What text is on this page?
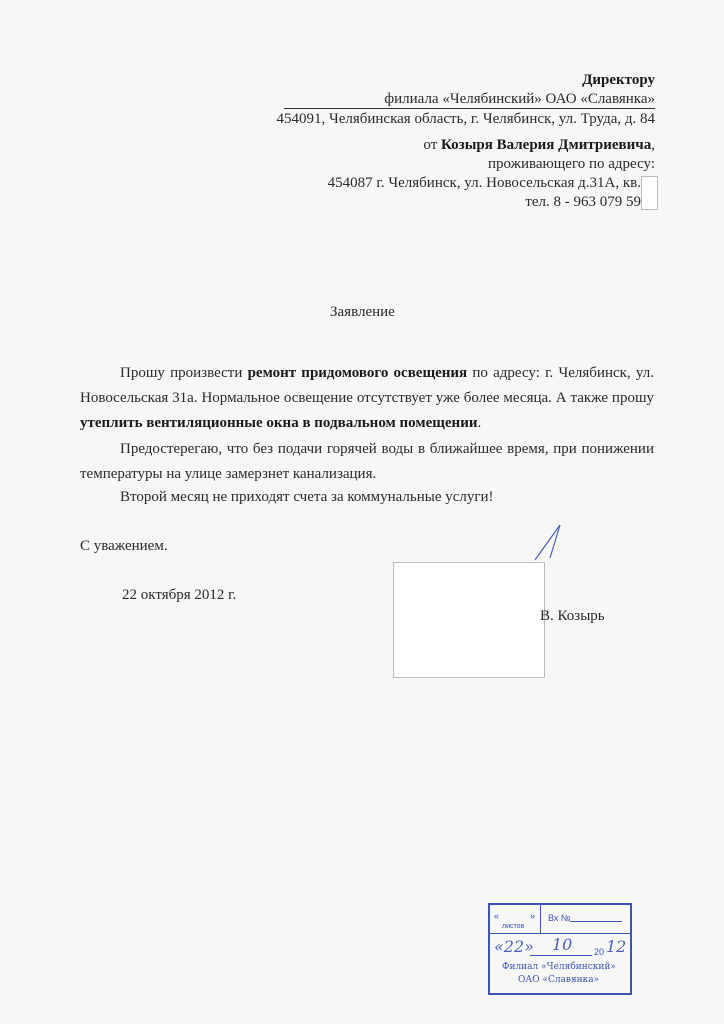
Директору
филиала «Челябинский» ОАО «Славянка»
454091, Челябинская область, г. Челябинск, ул. Труда, д. 84
от Козыря Валерия Дмитриевича,
проживающего по адресу:
454087 г. Челябинск, ул. Новосельская д.31А, кв.
тел. 8 - 963 079 59
Заявление
Прошу произвести ремонт придомового освещения по адресу: г. Челябинск, ул. Новосельская 31а. Нормальное освещение отсутствует уже более месяца. А также прошу утеплить вентиляционные окна в подвальном помещении.
Предостерегаю, что без подачи горячей воды в ближайшее время, при понижении температуры на улице замерзнет канализация.
Второй месяц не приходят счета за коммунальные услуги!
С уважением.
22 октября 2012 г.
В. Козырь
«	»
листов
Вх №
«22» 10 20 12
Филиал «Челябинский»
ОАО «Славянка»
